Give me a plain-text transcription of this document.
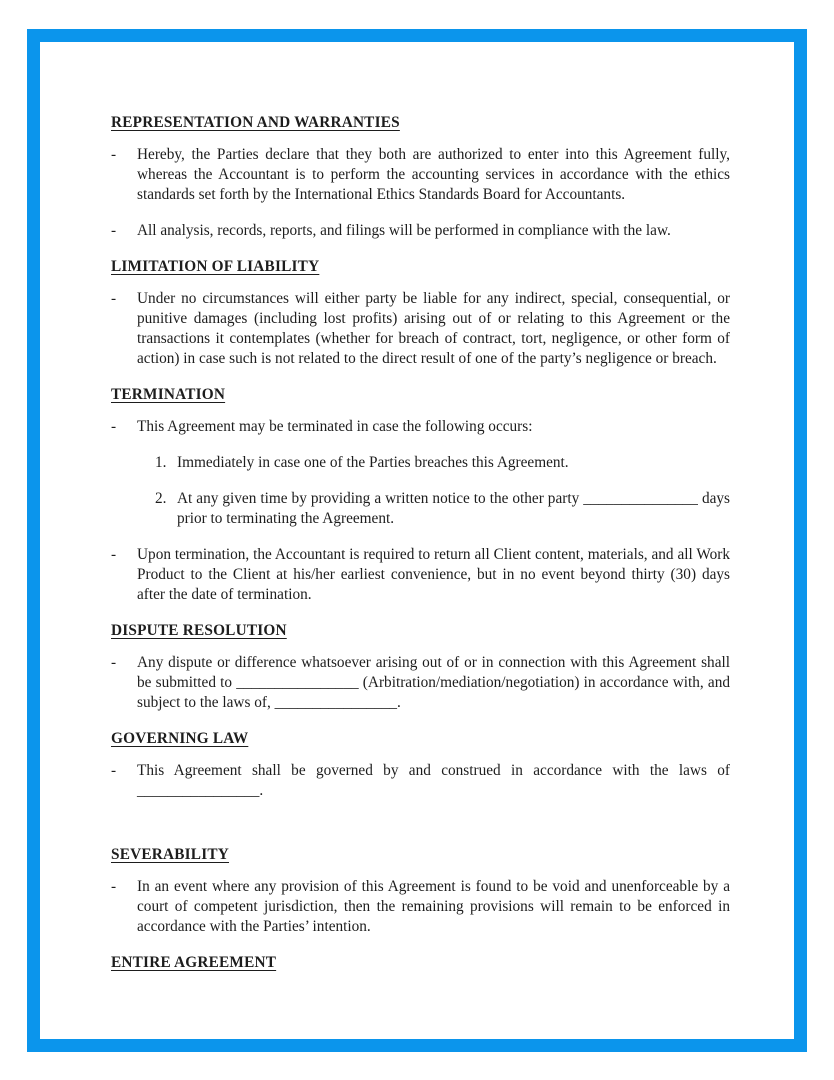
REPRESENTATION AND WARRANTIES
-	Hereby, the Parties declare that they both are authorized to enter into this Agreement fully, whereas the Accountant is to perform the accounting services in accordance with the ethics standards set forth by the International Ethics Standards Board for Accountants.

-	All analysis, records, reports, and filings will be performed in compliance with the law.

LIMITATION OF LIABILITY
-	Under no circumstances will either party be liable for any indirect, special, consequential, or punitive damages (including lost profits) arising out of or relating to this Agreement or the transactions it contemplates (whether for breach of contract, tort, negligence, or other form of action) in case such is not related to the direct result of one of the party’s negligence or breach.

TERMINATION
-	This Agreement may be terminated in case the following occurs:

1. Immediately in case one of the Parties breaches this Agreement.

2. At any given time by providing a written notice to the other party _______________ days prior to terminating the Agreement.

-	Upon termination, the Accountant is required to return all Client content, materials, and all Work Product to the Client at his/her earliest convenience, but in no event beyond thirty (30) days after the date of termination.

DISPUTE RESOLUTION
-	Any dispute or difference whatsoever arising out of or in connection with this Agreement shall be submitted to ________________ (Arbitration/mediation/negotiation) in accordance with, and subject to the laws of, ________________.

GOVERNING LAW
-	This Agreement shall be governed by and construed in accordance with the laws of ________________.

SEVERABILITY
-	In an event where any provision of this Agreement is found to be void and unenforceable by a court of competent jurisdiction, then the remaining provisions will remain to be enforced in accordance with the Parties’ intention.

ENTIRE AGREEMENT
